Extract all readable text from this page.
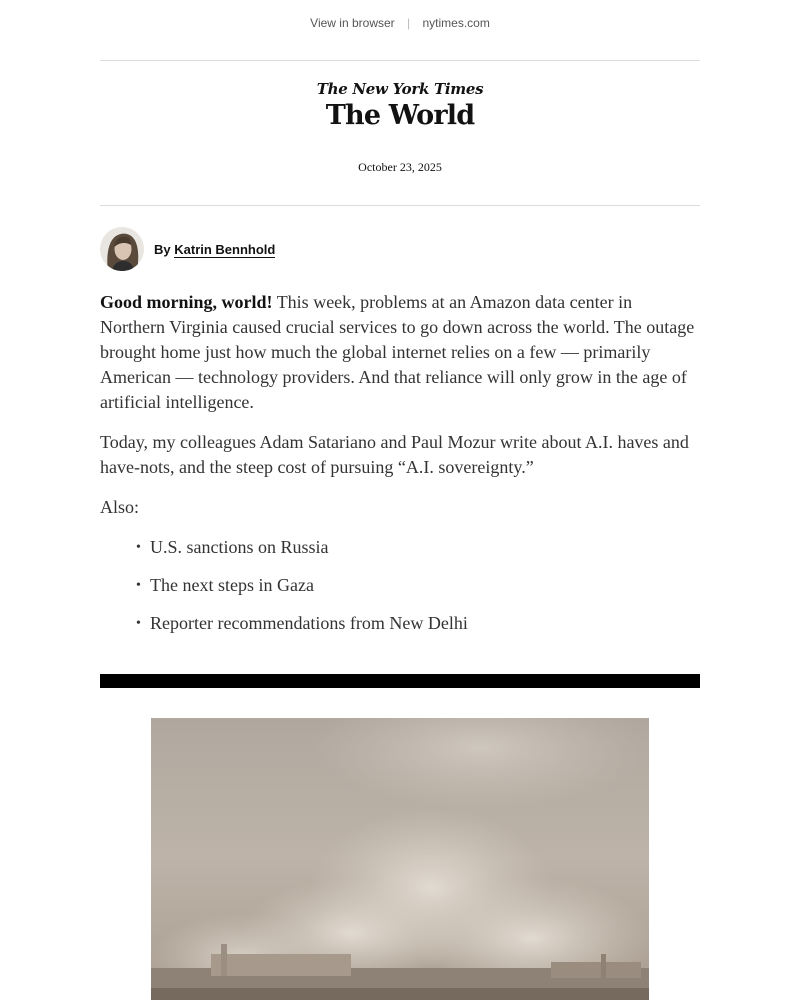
View in browser | nytimes.com
The New York Times
The World
October 23, 2025
By Katrin Bennhold

Good morning, world! This week, problems at an Amazon data center in Northern Virginia caused crucial services to go down across the world. The outage brought home just how much the global internet relies on a few — primarily American — technology providers. And that reliance will only grow in the age of artificial intelligence.

Today, my colleagues Adam Satariano and Paul Mozur write about A.I. haves and have-nots, and the steep cost of pursuing “A.I. sovereignty.”

Also:

• U.S. sanctions on Russia
• The next steps in Gaza
• Reporter recommendations from New Delhi
